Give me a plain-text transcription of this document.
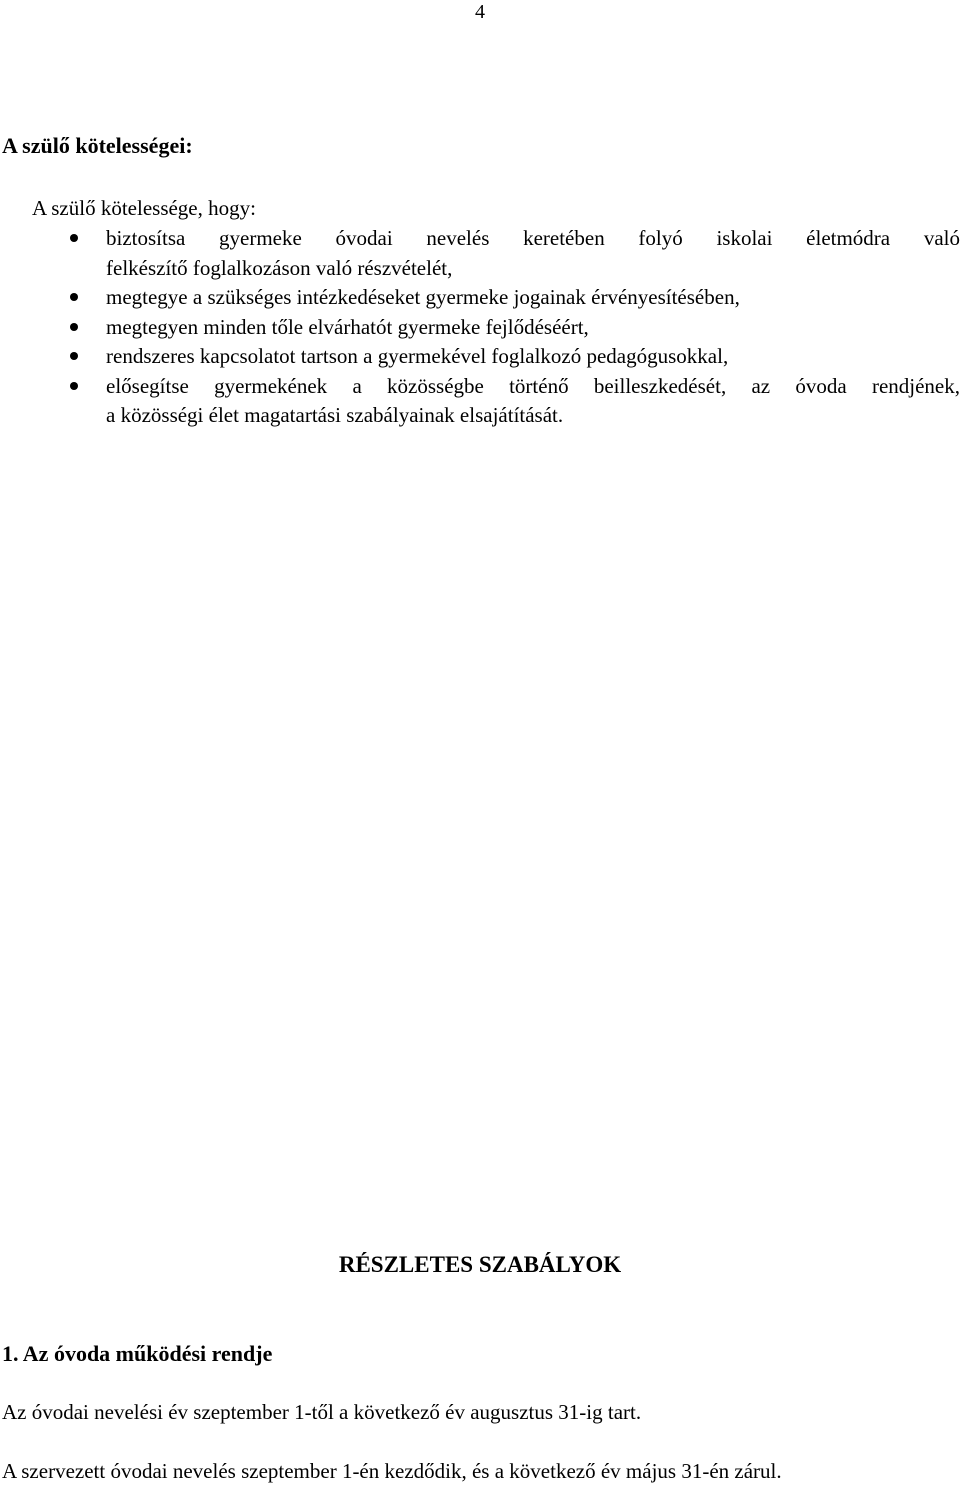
4
A szülő kötelességei:
A szülő kötelessége, hogy:
biztosítsa gyermeke óvodai nevelés keretében folyó iskolai életmódra való
felkészítő foglalkozáson való részvételét,
megtegye a szükséges intézkedéseket gyermeke jogainak érvényesítésében,
megtegyen minden tőle elvárhatót gyermeke fejlődéséért,
rendszeres kapcsolatot tartson a gyermekével foglalkozó pedagógusokkal,
elősegítse gyermekének a közösségbe történő beilleszkedését, az óvoda rendjének,
a közösségi élet magatartási szabályainak elsajátítását.
RÉSZLETES SZABÁLYOK
1. Az óvoda működési rendje
Az óvodai nevelési év szeptember 1-től a következő év augusztus 31-ig tart.
A szervezett óvodai nevelés szeptember 1-én kezdődik, és a következő év május 31-én zárul.
